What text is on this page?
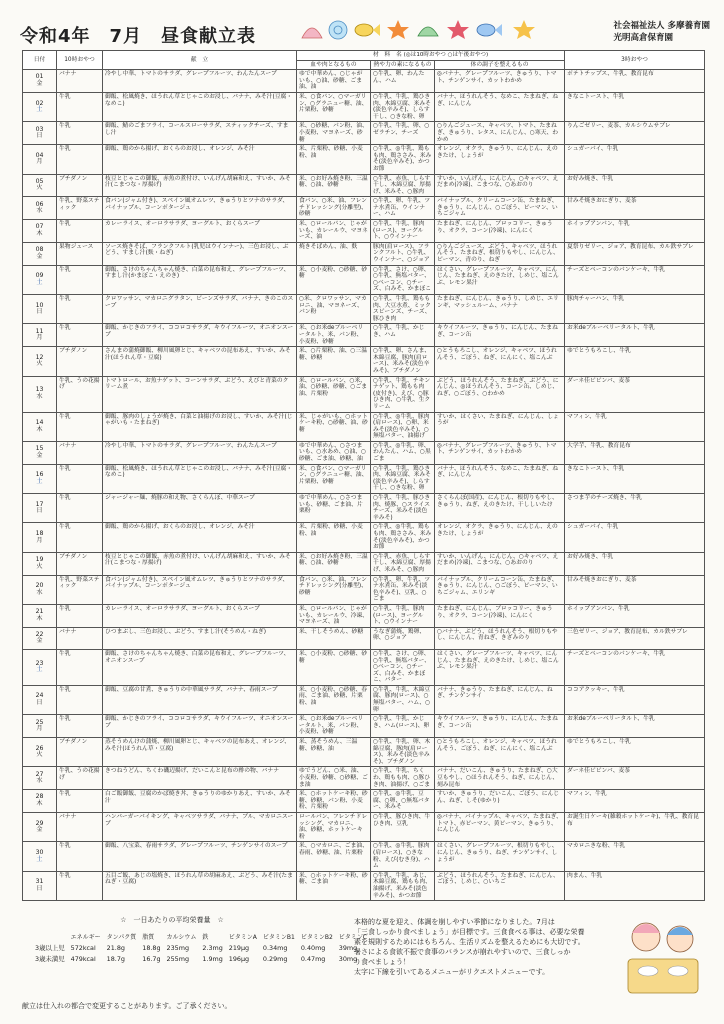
令和4年　7月　昼食献立表	社会福祉法人 多摩養育園
光明高倉保育園
日付	10時おやつ	献　立	材　料　名 (◎は10時おやつ ○は午後おやつ)			3時おやつ
			血や肉となるもの	熱や力の素になるもの	体の調子を整えるもの	

01
金	バナナ	冷やし中華、トマトのサラダ、グレープフルーツ、わんたんスープ	ゆで中華めん、○じゃがいも、○油、砂糖、ごま油、油	○牛乳、卵、わんたん、ハム	◎バナナ、グレープフルーツ、きゅうり、トマト、チンゲンサイ、カットわかめ	ポテトチップス、牛乳、教育昆布

02
土	牛乳	御飯、松風焼き、ほうれん草とじゃこのお浸し、バナナ、みそ汁(豆腐・なめこ)	米、○食パン、○マーガリン、○グラニュー糖、油、片栗粉、砂糖	○牛乳、牛乳、鶏ひき肉、木綿豆腐、米みそ(淡色辛みそ)、しらす干し、○きな粉、卵	バナナ、ほうれんそう、なめこ、たまねぎ、ねぎ、にんじん	きなこトースト、牛乳

03
日	牛乳	御飯、鯖のごまフライ、コールスローサラダ、スティックチーズ、すまし汁	米、○砂糖、パン粉、油、小麦粉、マヨネーズ、砂糖	○牛乳、牛乳、卵、○ゼラチン、チーズ	○りんごジュース、キャベツ、トマト、たまねぎ、きゅうり、レタス、にんじん、○寒天、わかめ	りんごゼリー、麦茶、カルシウムサブレ

04
月	牛乳	御飯、鶏のから揚げ、おくらのお浸し、オレンジ、みそ汁	米、片栗粉、砂糖、小麦粉、油	○牛乳、◎牛乳、鶏もも肉、鶏ささみ、米みそ(淡色辛みそ)、かつお節	オレンジ、オクラ、きゅうり、にんじん、えのきたけ、しょうが	シュガーパイ、牛乳

05
火	ブチダノン	枝豆とじゃこの御飯、赤魚の煮付け、いんげん胡麻和え、すいか、みそ汁(こまつな・厚揚げ)	米、○お好み焼き粉、三温糖、○油、砂糖	○牛乳、赤魚、しらす干し、木綿豆腐、厚揚げ、米みそ、○豚肉	すいか、いんげん、にんじん、○キャベツ、えだまめ(冷凍)、こまつな、○あおのり	お好み焼き、牛乳

06
水	牛乳、野菜スティック	食パン(ジャム付き)、スペイン風オムレツ、きゅうりとツナのサラダ、パイナップル、コーンポタージュ	食パン、○米、油、フレンチドレッシング(分離型)、砂糖	○牛乳、卵、牛乳、ツナ水煮缶、ウインナー、ハム	パイナップル、クリームコーン缶、たまねぎ、きゅうり、にんじん、○ごぼう、ピーマン、いちごジャム	甘みそ焼きおにぎり、麦茶

07
木	牛乳	カレーライス、オーロラサラダ、ヨーグルト、おくらスープ	米、○ロールパン、じゃがいも、カレールウ、マヨネーズ、油	○牛乳、牛乳、豚肉(ロース)、ヨーグルト、○ウインナー	たまねぎ、にんじん、ブロッコリー、きゅうり、オクラ、コーン(冷凍)、にんにく	ホイップアンパン、牛乳

08
金	果物ジュース	ソース焼きそば、フランクフルト(乳児はウインナー)、三色お浸し、ぶどう、すまし汁(麩・ねぎ)	焼きそばめん、油、麩	豚肉(肩ロース)、フランクフルト、○牛乳、ウインナー、○ジョア	○りんごジュース、ぶどう、キャベツ、ほうれんそう、たまねぎ、根切りもやし、にんじん、ピーマン、青のり、ねぎ	夏祭りゼリー、ジョア、教育昆布、カル鉄サブレ

09
土	牛乳	御飯、さけのちゃんちゃん焼き、白菜の昆布和え、グレープフルーツ、すまし汁(かまぼこ・えのき)	米、○小麦粉、○砂糖、砂糖	○牛乳、さけ、○卵、○牛乳、無塩バター、○ベーコン、○チーズ、白みそ、かまぼこ	はくさい、グレープフルーツ、キャベツ、にんじん、たまねぎ、えのきたけ、しめじ、塩こんぶ、レモン果汁	チーズとベーコンのパンケーキ、牛乳

10
日	牛乳	クロワッサン、マカロニグラタン、ビーンズサラダ、バナナ、きのこのスープ	○米、クロワッサン、マカロニ、油、マヨネーズ、パン粉	○牛乳、牛乳、鶏もも肉、大豆水煮、ミックスビーンズ、チーズ、豚ひき肉	たまねぎ、にんじん、きゅうり、しめじ、エリンギ、マッシュルーム、バナナ	豚肉チャーハン、牛乳

11
月	牛乳	御飯、かじきのフライ、ココロコサラダ、キウイフルーツ、オニオンスープ	米、○お米deブルーベリータルト、米、パン粉、小麦粉、砂糖	○牛乳、牛乳、かじき、ハム	キウイフルーツ、きゅうり、にんじん、たまねぎ、コーン缶	お米deブルーベリータルト、牛乳

12
火	ブチダノン	さんまの蒲焼御飯、柳川風卵とじ、キャベツの昆布あえ、すいか、みそ汁(ほうれん草・豆腐)	米、○片栗粉、油、○三温糖、砂糖	○牛乳、卵、さんま、木綿豆腐、豚肉(肩ロース)、米みそ(淡色辛みそ)、ブチダノン	○とうもろこし、オレンジ、キャベツ、ほうれんそう、ごぼう、ねぎ、にんにく、塩こんぶ	ゆでとうもろこし、牛乳

13
水	牛乳、うの花揚げ	トマトロール、お魚ナゲット、コーンサラダ、ぶどう、えびと青菜のクリーム煮	米、○ロールパン、○米、油、○砂糖、砂糖、○ごま油、片栗粉	○牛乳、牛乳、チキンナゲット、鶏もも肉(皮付き)、えび、○豚ひき肉、○牛乳、生クリーム	ぶどう、ほうれんそう、たまねぎ、ぶどう、にんじん、◎ほうれんそう、コーン缶、しめじ、ねぎ、○ごぼう、○わかめ	ダーネ佳ビビンバ、麦茶

14
木	牛乳	御飯、豚肉のしょうが焼き、白菜と油揚げのお浸し、すいか、みそ汁(じゃがいも・たまねぎ)	米、じゃがいも、○ホットケーキ粉、○砂糖、油、砂糖	○牛乳、◎牛乳、豚肉(肩ロース)、○卵、米みそ(淡色辛みそ)、○無塩バター、油揚げ	すいか、はくさい、たまねぎ、にんじん、しょうが	マフィン、牛乳

15
金	バナナ	冷やし中華、トマトのサラダ、グレープフルーツ、わんたんスープ	ゆで中華めん、○さつまいも、○水あめ、○油、○砂糖、ごま油、砂糖、油	○牛乳、◎牛乳、卵、わんたん、ハム、○黒ごま	◎バナナ、グレープフルーツ、きゅうり、トマト、チンゲンサイ、カットわかめ	大学芋、牛乳、教育昆布

16
土	牛乳	御飯、松風焼き、ほうれん草とじゃこのお浸し、バナナ、みそ汁(豆腐・なめこ)	米、○食パン、○マーガリン、○グラニュー糖、油、片栗粉、砂糖	○牛乳、牛乳、鶏ひき肉、木綿豆腐、米みそ(淡色辛みそ)、しらす干し、○きな粉、卵	バナナ、ほうれんそう、なめこ、たまねぎ、ねぎ、にんじん	きなこトースト、牛乳

17
日	牛乳	ジャージャー麺、焼豚の和え物、さくらんぼ、中華スープ	ゆで中華めん、○さつまいも、砂糖、ごま油、片栗粉	○牛乳、牛乳、豚ひき肉、焼豚、○スライスチーズ、米みそ(淡色辛みそ)	さくらんぼ(国産)、にんじん、根切りもやし、きゅうり、ねぎ、えのきたけ、干ししいたけ	さつま芋のチーズ焼き、牛乳

18
月	牛乳	御飯、鶏のから揚げ、おくらのお浸し、オレンジ、みそ汁	米、片栗粉、砂糖、小麦粉、油	○牛乳、◎牛乳、鶏もも肉、鶏ささみ、米みそ(淡色辛みそ)、かつお節	オレンジ、オクラ、きゅうり、にんじん、えのきたけ、しょうが	シュガーパイ、牛乳

19
火	ブチダノン	枝豆とじゃこの御飯、赤魚の煮付け、いんげん胡麻和え、すいか、みそ汁(こまつな・厚揚げ)	米、○お好み焼き粉、三温糖、○油、砂糖	○牛乳、赤魚、しらす干し、木綿豆腐、厚揚げ、米みそ、○豚肉	すいか、いんげん、にんじん、○キャベツ、えだまめ(冷凍)、こまつな、○あおのり	お好み焼き、牛乳

20
水	牛乳、野菜スティック	食パン(ジャム付き)、スペイン風オムレツ、きゅうりとツナのサラダ、パイナップル、コーンポタージュ	食パン、○米、油、フレンチドレッシング(分離型)、砂糖	○牛乳、卵、牛乳、ツナ水煮缶、米みそ(淡色辛みそ)、豆乳、○ごま	パイナップル、クリームコーン缶、たまねぎ、きゅうり、にんじん、○ごぼう、ピーマン、いちごジャム、エリンギ	甘みそ焼きおにぎり、麦茶

21
木	牛乳	カレーライス、オーロラサラダ、ヨーグルト、おくらスープ	米、○ロールパン、じゃがいも、カレールウ、冷凍、マヨネーズ、油	○牛乳、牛乳、豚肉(ロース)、ヨーグルト、○ウインナー	たまねぎ、にんじん、ブロッコリー、きゅうり、オクラ、コーン(冷凍)、にんにく	ホイップアンパン、牛乳

22
金	バナナ	ひつまぶし、三色お浸し、ぶどう、すまし汁(そうめん・ねぎ)	米、干しそうめん、砂糖	うなぎ蒲焼、鶏卵、卵、○ジョア	○バナナ、ぶどう、ほうれんそう、根切りもやし、にんじん、青ねぎ、きざみのり	三色ゼリー、ジョア、教育昆布、カル鉄サブレ

23
土	牛乳	御飯、さけのちゃんちゃん焼き、白菜の昆布和え、グレープフルーツ、オニオンスープ	米、○小麦粉、○砂糖、砂糖	○牛乳、さけ、○卵、○牛乳、無塩バター、○ベーコン、○チーズ、白みそ、かまぼこ、バター	はくさい、グレープフルーツ、キャベツ、にんじん、たまねぎ、えのきたけ、しめじ、塩こんぶ、レモン果汁	チーズとベーコンのパンケーキ、牛乳

24
日	牛乳	御飯、豆腐の甘煮、きゅうりの中華風サラダ、バナナ、春雨スープ	米、○小麦粉、○砂糖、春雨、ごま油、砂糖、片栗粉、油	○牛乳、牛乳、木綿豆腐、豚肉(ロース)、○無塩バター、ハム、○卵	バナナ、きゅうり、たまねぎ、にんじん、ねぎ、チンゲンサイ	ココアクッキー、牛乳

25
月	牛乳	御飯、かじきのフライ、ココロコサラダ、キウイフルーツ、オニオンスープ	米、○お米deブルーベリータルト、米、パン粉、小麦粉、砂糖	○牛乳、牛乳、かじき、ハム(ロース)、卵	キウイフルーツ、きゅうり、にんじん、たまねぎ、コーン缶	お米deブルーベリータルト、牛乳

26
火	ブチダノン	蒸そうめんけの蒲焼、柳川風卵とじ、キャベツの昆布あえ、オレンジ、みそ汁(ほうれん草・豆腐)	米、蒸そうめん、三温糖、砂糖、油	○牛乳、牛乳、卵、木綿豆腐、豚肉(肩ロース)、米みそ(淡色辛みそ)、ブチダノン	○とうもろこし、オレンジ、キャベツ、ほうれんそう、ごぼう、ねぎ、にんにく、塩こんぶ	ゆでとうもろこし、牛乳

27
水	牛乳、うの花揚げ	きつねうどん、ちくわ磯辺揚げ、だいこんと昆布の酢の物、バナナ	ゆでうどん、○米、油、小麦粉、砂糖、○砂糖、ごま油	○牛乳、牛乳、ちくわ、鶏もも肉、○豚ひき肉、油揚げ、○ごま	バナナ、だいこん、きゅうり、たまねぎ、○大豆もやし、○ほうれんそう、ねぎ、にんじん、刻み昆布	ダーネ佳ビビンバ、麦茶

28
木	牛乳	白ご飯御飯、豆腐のかば焼き丼、きゅうりのゆかりあえ、すいか、みそ汁	米、○ホットケーキ粉、砂糖、砂糖、パン粉、小麦粉、片栗粉	○牛乳、◎牛乳、豆腐、○卵、○無塩バター、米みそ	すいか、きゅうり、だいこん、ごぼう、にんじん、ねぎ、しそ(ゆかり)	マフィン、牛乳

29
金	バナナ	ハンバーガーバイキング、キャベツサラダ、バナナ、ブル、マカロニスープ	ロールパン、フレンチドレッシング、マカロニ、油、砂糖、ホットケーキ粉	○牛乳、豚ひき肉、牛ひき肉、豆乳	◎バナナ、パイナップル、キャベツ、たまねぎ、トマト、赤ピーマン、黄ピーマン、きゅうり、にんじん	お誕生日ケーキ(雑穀ホットケーキ)、牛乳、教育昆布

30
土	牛乳	御飯、八宝菜、春雨サラダ、グレープフルーツ、チンゲンサイのスープ	米、○マカロニ、ごま油、春雨、砂糖、油、片栗粉	○牛乳、◎牛乳、豚肉(肩ロース)、○きな粉、えび(むき身)、ハム	はくさい、グレープフルーツ、根切りもやし、にんじん、きゅうり、ねぎ、チンゲンサイ、しょうが	マカロニきな粉、牛乳

31
日	牛乳	五目ご飯、あじの塩焼き、ほうれん草の胡麻あえ、ぶどう、みそ汁(たまねぎ・豆腐)	米、○ホットケーキ粉、砂糖、ごま油	○牛乳、牛乳、あじ、木綿豆腐、鶏もも肉、油揚げ、米みそ(淡色辛みそ)、かつお節	ぶどう、ほうれんそう、たまねぎ、にんじん、ごぼう、しめじ、○いちご	肉まん、牛乳
☆　一日あたりの平均栄養量　☆
	エネルギー	タンパク質	脂質	カルシウム	鉄	ビタミンA	ビタミンB1	ビタミンB2	ビタミンC
3歳以上児	572kcal	21.8g	18.8g	235mg	2.3mg	219μg	0.34mg	0.40mg	39mg
3歳未満児	479kcal	18.7g	16.7g	255mg	1.9mg	196μg	0.29mg	0.47mg	30mg
献立は仕入れの都合で変更することがあります。ご了承ください。
本格的な夏を迎え、体調を崩しやすい季節になりました。7月は
「三食しっかり食べましょう」が目標です。三食食べる事は、必要な栄養
素を規則するためにはもちろん、生活リズムを整えるためにも大切です。
暑さによる食欲不振で食事のバランスが崩れやすいので、三食しっか
り食べましょう！
太字に下線を引いてあるメニューがリクエストメニューです。
